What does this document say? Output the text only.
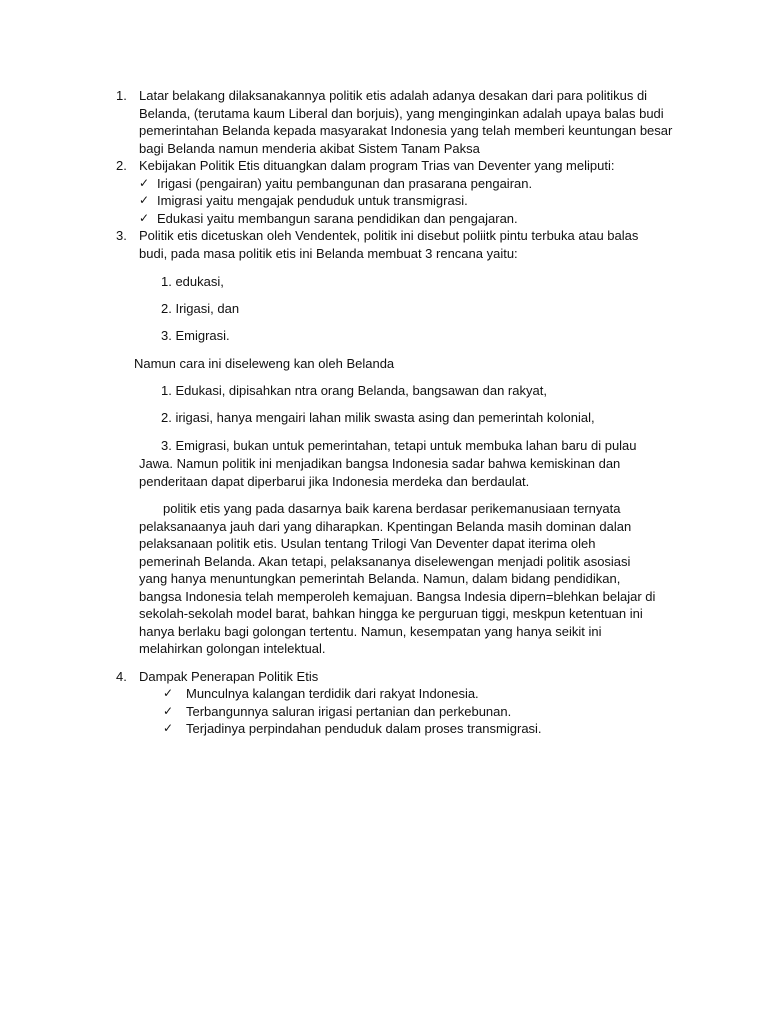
1. Latar belakang dilaksanakannya politik etis adalah adanya desakan dari para politikus di Belanda, (terutama kaum Liberal dan borjuis), yang menginginkan adalah upaya balas budi pemerintahan Belanda kepada masyarakat Indonesia yang telah memberi keuntungan besar bagi Belanda namun menderia akibat Sistem Tanam Paksa
2. Kebijakan Politik Etis dituangkan dalam program Trias van Deventer yang meliputi:
✓ Irigasi (pengairan) yaitu pembangunan dan prasarana pengairan.
✓ Imigrasi yaitu mengajak penduduk untuk transmigrasi.
✓ Edukasi yaitu membangun sarana pendidikan dan pengajaran.
3. Politik etis dicetuskan oleh Vendentek, politik ini disebut poliitk pintu terbuka atau balas budi, pada masa politik etis ini Belanda membuat 3 rencana yaitu:
1. edukasi,
2. Irigasi, dan
3. Emigrasi.
Namun cara ini diseleweng kan oleh Belanda
1. Edukasi, dipisahkan ntra orang Belanda, bangsawan dan rakyat,
2. irigasi, hanya mengairi lahan milik swasta asing dan pemerintah kolonial,
3. Emigrasi, bukan untuk pemerintahan, tetapi untuk membuka lahan baru di pulau
Jawa. Namun politik ini menjadikan bangsa Indonesia sadar bahwa kemiskinan dan penderitaan dapat diperbarui jika Indonesia merdeka dan berdaulat.
politik etis yang pada dasarnya baik karena berdasar perikemanusiaan ternyata pelaksanaanya jauh dari yang diharapkan. Kpentingan Belanda masih dominan dalan pelaksanaan politik etis. Usulan tentang Trilogi Van Deventer dapat iterima oleh pemerinah Belanda. Akan tetapi, pelaksananya diselewengan menjadi politik asosiasi yang hanya menuntungkan pemerintah Belanda. Namun, dalam bidang pendidikan, bangsa Indonesia telah memperoleh kemajuan. Bangsa Indesia dipern=blehkan belajar di sekolah-sekolah model barat, bahkan hingga ke perguruan tiggi, meskpun ketentuan ini hanya berlaku bagi golongan tertentu. Namun, kesempatan yang hanya seikit ini melahirkan golongan intelektual.
4. Dampak Penerapan Politik Etis
✓ Munculnya kalangan terdidik dari rakyat Indonesia.
✓ Terbangunnya saluran irigasi pertanian dan perkebunan.
✓ Terjadinya perpindahan penduduk dalam proses transmigrasi.
